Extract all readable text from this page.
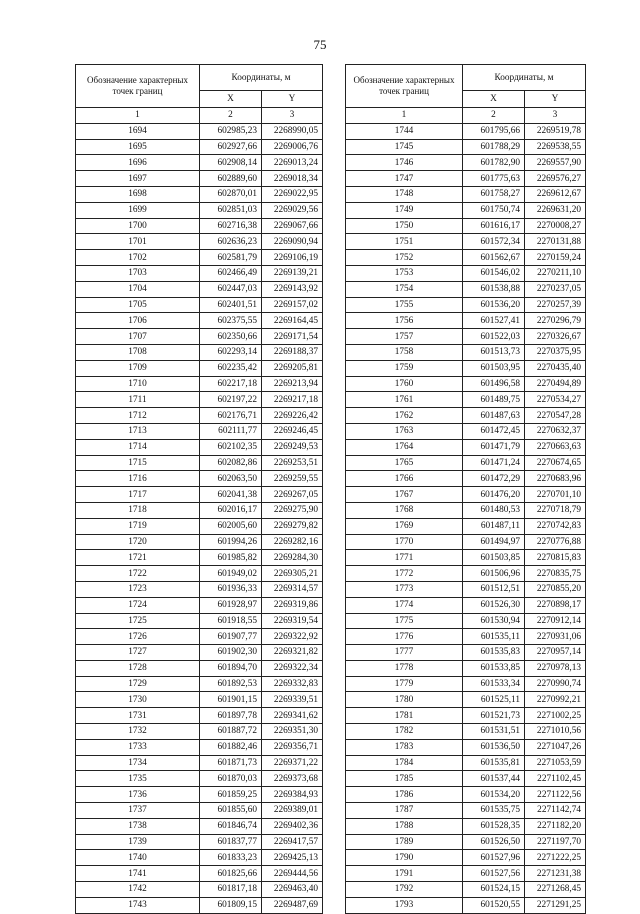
75
Обозначение характерных точек границ	Координаты, м	
	X	Y
1	2	3
1694	602985,23	2268990,05
1695	602927,66	2269006,76
1696	602908,14	2269013,24
1697	602889,60	2269018,34
1698	602870,01	2269022,95
1699	602851,03	2269029,56
1700	602716,38	2269067,66
1701	602636,23	2269090,94
1702	602581,79	2269106,19
1703	602466,49	2269139,21
1704	602447,03	2269143,92
1705	602401,51	2269157,02
1706	602375,55	2269164,45
1707	602350,66	2269171,54
1708	602293,14	2269188,37
1709	602235,42	2269205,81
1710	602217,18	2269213,94
1711	602197,22	2269217,18
1712	602176,71	2269226,42
1713	602111,77	2269246,45
1714	602102,35	2269249,53
1715	602082,86	2269253,51
1716	602063,50	2269259,55
1717	602041,38	2269267,05
1718	602016,17	2269275,90
1719	602005,60	2269279,82
1720	601994,26	2269282,16
1721	601985,82	2269284,30
1722	601949,02	2269305,21
1723	601936,33	2269314,57
1724	601928,97	2269319,86
1725	601918,55	2269319,54
1726	601907,77	2269322,92
1727	601902,30	2269321,82
1728	601894,70	2269322,34
1729	601892,53	2269332,83
1730	601901,15	2269339,51
1731	601897,78	2269341,62
1732	601887,72	2269351,30
1733	601882,46	2269356,71
1734	601871,73	2269371,22
1735	601870,03	2269373,68
1736	601859,25	2269384,93
1737	601855,60	2269389,01
1738	601846,74	2269402,36
1739	601837,77	2269417,57
1740	601833,23	2269425,13
1741	601825,66	2269444,56
1742	601817,18	2269463,40
1743	601809,15	2269487,69
Обозначение характерных точек границ	Координаты, м	
	X	Y
1	2	3
1744	601795,66	2269519,78
1745	601788,29	2269538,55
1746	601782,90	2269557,90
1747	601775,63	2269576,27
1748	601758,27	2269612,67
1749	601750,74	2269631,20
1750	601616,17	2270008,27
1751	601572,34	2270131,88
1752	601562,67	2270159,24
1753	601546,02	2270211,10
1754	601538,88	2270237,05
1755	601536,20	2270257,39
1756	601527,41	2270296,79
1757	601522,03	2270326,67
1758	601513,73	2270375,95
1759	601503,95	2270435,40
1760	601496,58	2270494,89
1761	601489,75	2270534,27
1762	601487,63	2270547,28
1763	601472,45	2270632,37
1764	601471,79	2270663,63
1765	601471,24	2270674,65
1766	601472,29	2270683,96
1767	601476,20	2270701,10
1768	601480,53	2270718,79
1769	601487,11	2270742,83
1770	601494,97	2270776,88
1771	601503,85	2270815,83
1772	601506,96	2270835,75
1773	601512,51	2270855,20
1774	601526,30	2270898,17
1775	601530,94	2270912,14
1776	601535,11	2270931,06
1777	601535,83	2270957,14
1778	601533,85	2270978,13
1779	601533,34	2270990,74
1780	601525,11	2270992,21
1781	601521,73	2271002,25
1782	601531,51	2271010,56
1783	601536,50	2271047,26
1784	601535,81	2271053,59
1785	601537,44	2271102,45
1786	601534,20	2271122,56
1787	601535,75	2271142,74
1788	601528,35	2271182,20
1789	601526,50	2271197,70
1790	601527,96	2271222,25
1791	601527,56	2271231,38
1792	601524,15	2271268,45
1793	601520,55	2271291,25
